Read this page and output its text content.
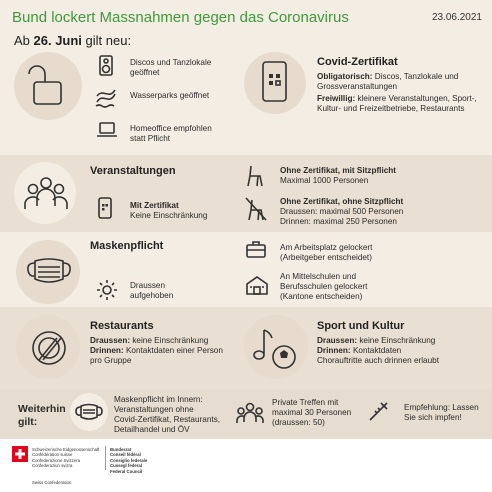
Bund lockert Massnahmen gegen das Coronavirus	23.06.2021
Ab 26. Juni gilt neu:
Discos und Tanzlokale geöffnet
Wasserparks geöffnet
Homeoffice empfohlen statt Pflicht
Covid-Zertifikat
Obligatorisch: Discos, Tanzlokale und Grossveranstaltungen
Freiwillig: kleinere Veranstaltungen, Sport-, Kultur- und Freizeitbetriebe, Restaurants
Veranstaltungen
Mit Zertifikat
Keine Einschränkung
Ohne Zertifikat, mit Sitzpflicht
Maximal 1000 Personen
Ohne Zertifikat, ohne Sitzpflicht
Draussen: maximal 500 Personen
Drinnen: maximal 250 Personen
Maskenpflicht
Draussen aufgehoben
Am Arbeitsplatz gelockert
(Arbeitgeber entscheidet)
An Mittelschulen und
Berufsschulen gelockert
(Kantone entscheiden)
Restaurants
Draussen: keine Einschränkung
Drinnen: Kontaktdaten einer Person pro Gruppe
Sport und Kultur
Draussen: keine Einschränkung
Drinnen: Kontaktdaten
Chorauftritte auch drinnen erlaubt
Weiterhin
gilt:
Maskenpflicht im Innern:
Veranstaltungen ohne
Covid-Zertifikat, Restaurants,
Detailhandel und ÖV
Private Treffen mit
maximal 30 Personen
(draussen: 50)
Empfehlung: Lassen
Sie sich impfen!
Schweizerische Eidgenossenschaft
Confédération suisse
Confederazione Svizzera
Confederaziun svizra
Bundesrat
Conseil fédéral
Consiglio federale
Cussegl federal
Federal Council
Swiss Confederation
